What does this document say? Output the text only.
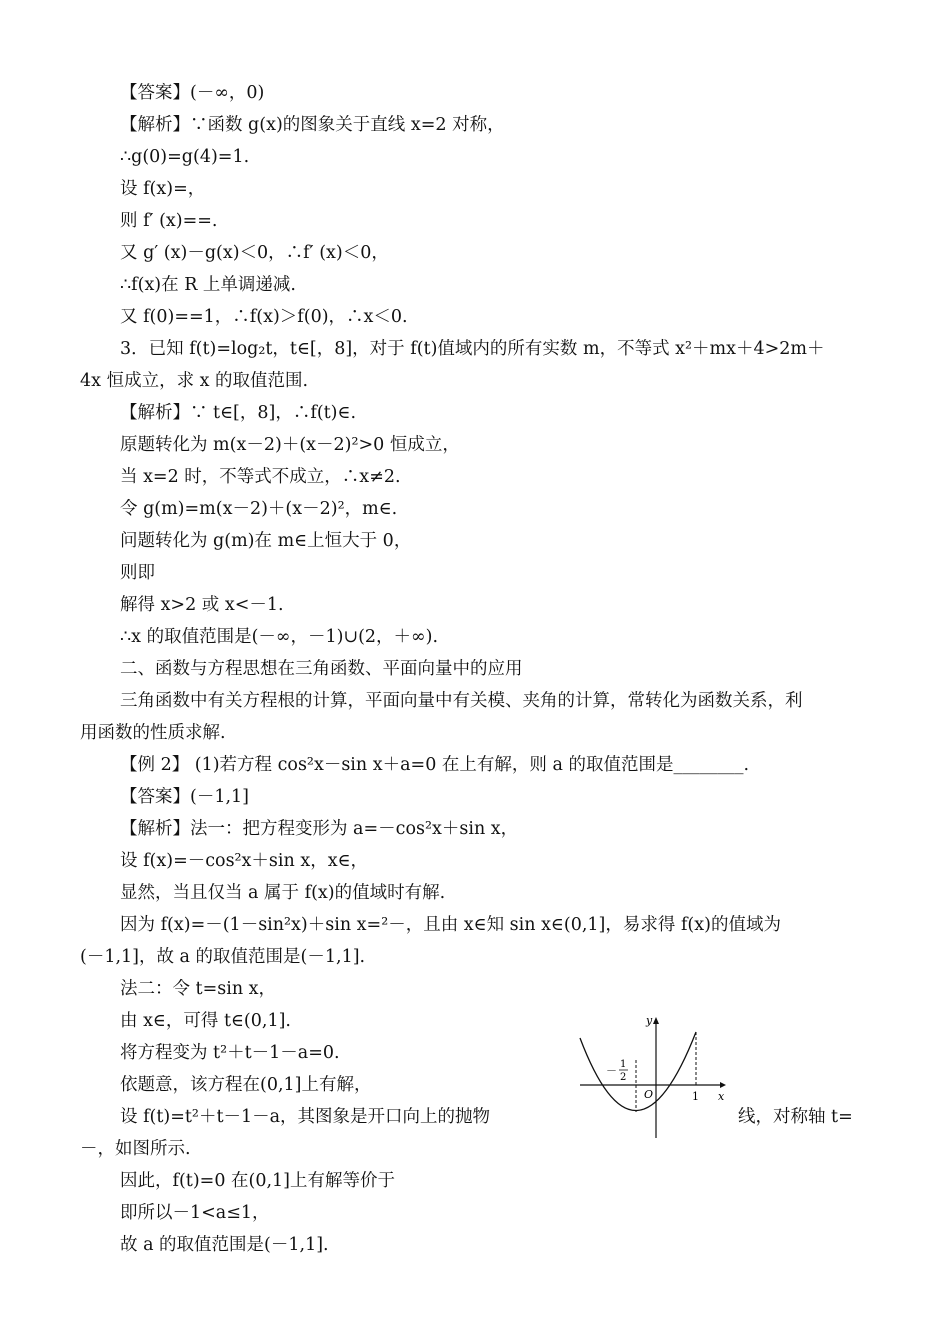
【答案】(－∞，0)
【解析】∵函数 g(x)的图象关于直线 x=2 对称，
∴g(0)=g(4)=1.
设 f(x)=，
则 f′ (x)==.
又 g′ (x)－g(x)＜0，∴f′ (x)＜0，
∴f(x)在 R 上单调递减.
又 f(0)==1，∴f(x)＞f(0)，∴x＜0.
3．已知 f(t)=log₂t，t∈[，8]，对于 f(t)值域内的所有实数 m，不等式 x²＋mx＋4>2m＋
4x 恒成立，求 x 的取值范围.
【解析】∵ t∈[，8]，∴f(t)∈.
原题转化为 m(x－2)＋(x－2)²>0 恒成立，
当 x=2 时，不等式不成立，∴x≠2.
令 g(m)=m(x－2)＋(x－2)²，m∈.
问题转化为 g(m)在 m∈上恒大于 0，
则即
解得 x>2 或 x<－1.
∴x 的取值范围是(－∞，－1)∪(2，＋∞).
二、函数与方程思想在三角函数、平面向量中的应用
三角函数中有关方程根的计算，平面向量中有关模、夹角的计算，常转化为函数关系，利
用函数的性质求解.
【例 2】 (1)若方程 cos²x－sin x＋a=0 在上有解，则 a 的取值范围是________.
【答案】(－1,1]
【解析】法一：把方程变形为 a=－cos²x＋sin x，
设 f(x)=－cos²x＋sin x，x∈，
显然，当且仅当 a 属于 f(x)的值域时有解.
因为 f(x)=－(1－sin²x)＋sin x=²－，且由 x∈知 sin x∈(0,1]，易求得 f(x)的值域为
(－1,1]，故 a 的取值范围是(－1,1].
法二：令 t=sin x，
由 x∈，可得 t∈(0,1].
将方程变为 t²＋t－1－a=0.
依题意，该方程在(0,1]上有解，
设 f(t)=t²＋t－1－a，其图象是开口向上的抛物	线，对称轴 t=
－，如图所示.
因此，f(t)=0 在(0,1]上有解等价于
即所以－1<a≤1，
故 a 的取值范围是(－1,1].
y
x
O	1
－ 1
2
